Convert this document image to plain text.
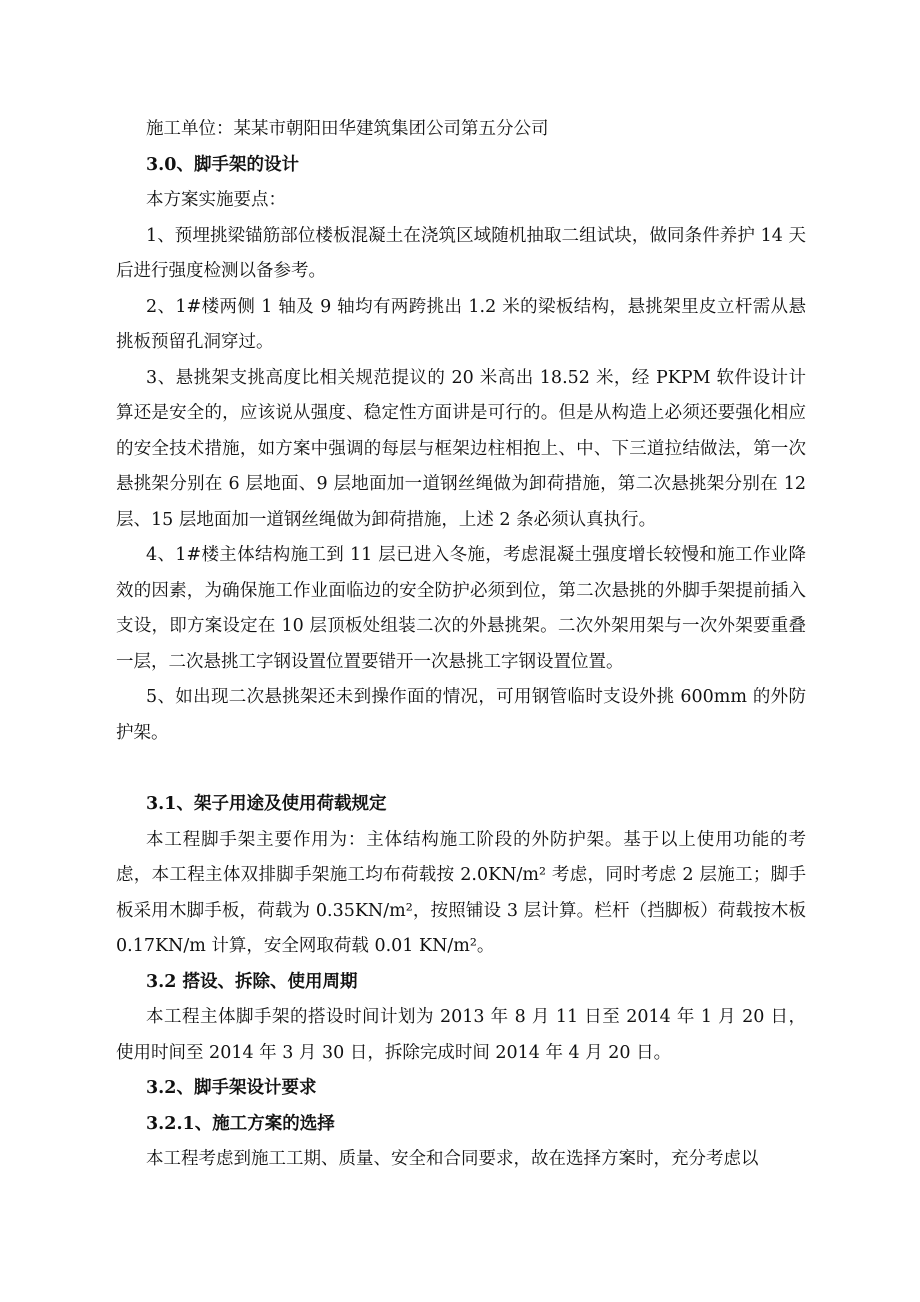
施工单位：某某市朝阳田华建筑集团公司第五分公司

3.0、脚手架的设计

本方案实施要点：

1、预埋挑梁锚筋部位楼板混凝土在浇筑区域随机抽取二组试块，做同条件养护 14 天后进行强度检测以备参考。

2、1#楼两侧 1 轴及 9 轴均有两跨挑出 1.2 米的梁板结构，悬挑架里皮立杆需从悬挑板预留孔洞穿过。

3、悬挑架支挑高度比相关规范提议的 20 米高出 18.52 米，经 PKPM 软件设计计算还是安全的，应该说从强度、稳定性方面讲是可行的。但是从构造上必须还要强化相应的安全技术措施，如方案中强调的每层与框架边柱相抱上、中、下三道拉结做法，第一次悬挑架分别在 6 层地面、9 层地面加一道钢丝绳做为卸荷措施，第二次悬挑架分别在 12 层、15 层地面加一道钢丝绳做为卸荷措施，上述 2 条必须认真执行。

4、1#楼主体结构施工到 11 层已进入冬施，考虑混凝土强度增长较慢和施工作业降效的因素，为确保施工作业面临边的安全防护必须到位，第二次悬挑的外脚手架提前插入支设，即方案设定在 10 层顶板处组装二次的外悬挑架。二次外架用架与一次外架要重叠一层，二次悬挑工字钢设置位置要错开一次悬挑工字钢设置位置。

5、如出现二次悬挑架还未到操作面的情况，可用钢管临时支设外挑 600mm 的外防护架。

3.1、架子用途及使用荷载规定

本工程脚手架主要作用为：主体结构施工阶段的外防护架。基于以上使用功能的考虑，本工程主体双排脚手架施工均布荷载按 2.0KN/m² 考虑，同时考虑 2 层施工；脚手板采用木脚手板，荷载为 0.35KN/m²，按照铺设 3 层计算。栏杆（挡脚板）荷载按木板 0.17KN/m 计算，安全网取荷载 0.01 KN/m²。

3.2 搭设、拆除、使用周期

本工程主体脚手架的搭设时间计划为 2013 年 8 月 11 日至 2014 年 1 月 20 日，使用时间至 2014 年 3 月 30 日，拆除完成时间 2014 年 4 月 20 日。

3.2、脚手架设计要求

3.2.1、施工方案的选择

本工程考虑到施工工期、质量、安全和合同要求，故在选择方案时，充分考虑以
